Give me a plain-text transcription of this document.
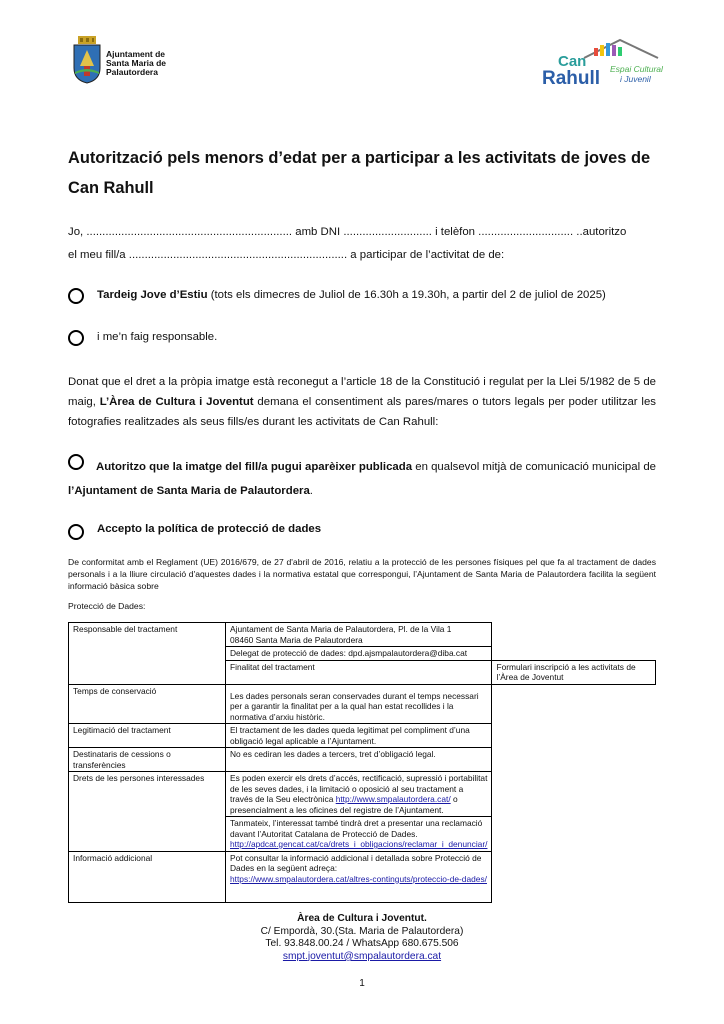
Ajuntament de
Santa Maria de
Palautordera
Can
Rahull Espai Cultural
i Juvenil
Autorització pels menors d’edat per a participar a les activitats de joves de Can Rahull
Jo, ................................................................. amb DNI ............................ i telèfon .............................. ..autoritzo
el meu fill/a ..................................................................... a participar de l’activitat de de:
Tardeig Jove d’Estiu (tots els dimecres de Juliol de 16.30h a 19.30h, a partir del 2 de juliol de 2025)
i me’n faig responsable.
Donat que el dret a la pròpia imatge està reconegut a l’article 18 de la Constitució i regulat per la Llei 5/1982 de 5 de maig, L’Àrea de Cultura i Joventut demana el consentiment als pares/mares o tutors legals per poder utilitzar les fotografies realitzades als seus fills/es durant les activitats de Can Rahull:
Autoritzo que la imatge del fill/a pugui aparèixer publicada en qualsevol mitjà de comunicació municipal de l’Ajuntament de Santa Maria de Palautordera.
Accepto la política de protecció de dades
De conformitat amb el Reglament (UE) 2016/679, de 27 d'abril de 2016, relatiu a la protecció de les persones físiques pel que fa al tractament de dades personals i a la lliure circulació d'aquestes dades i la normativa estatal que correspongui, l’Ajuntament de Santa Maria de Palautordera facilita la següent informació bàsica sobre
Protecció de Dades:
Responsable del tractament	Ajuntament de Santa Maria de Palautordera, Pl. de la Vila 1
08460 Santa Maria de Palautordera	

	Delegat de protecció de dades: dpd.ajsmpalautordera@diba.cat	
	Finalitat del tractament	Formulari inscripció a les activitats de l’Àrea de Joventut
Temps de conservació	Les dades personals seran conservades durant el temps necessari per a garantir la finalitat per a la qual han estat recollides i la normativa d’arxiu històric.	
Legitimació del tractament	El tractament de les dades queda legitimat pel compliment d’una obligació legal aplicable a l’Ajuntament.	
Destinataris de cessions o transferències	No es cediran les dades a tercers, tret d’obligació legal.	
Drets de les persones interessades	Es poden exercir els drets d’accés, rectificació, supressió i portabilitat de les seves dades, i la limitació o oposició al seu tractament a través de la Seu electrònica http://www.smpalautordera.cat/ o presencialment a les oficines del registre de l’Ajuntament.	

	Tanmateix, l’interessat també tindrà dret a presentar una reclamació davant l’Autoritat Catalana de Protecció de Dades.
http://apdcat.gencat.cat/ca/drets_i_obligacions/reclamar_i_denunciar/	
Informació addicional	Pot consultar la informació addicional i detallada sobre Protecció de Dades en la següent adreça:
https://www.smpalautordera.cat/altres-continguts/proteccio-de-dades/	
Àrea de Cultura i Joventut.
C/ Empordà, 30.(Sta. Maria de Palautordera)
Tel. 93.848.00.24 / WhatsApp 680.675.506
smpt.joventut@smpalautordera.cat
1
